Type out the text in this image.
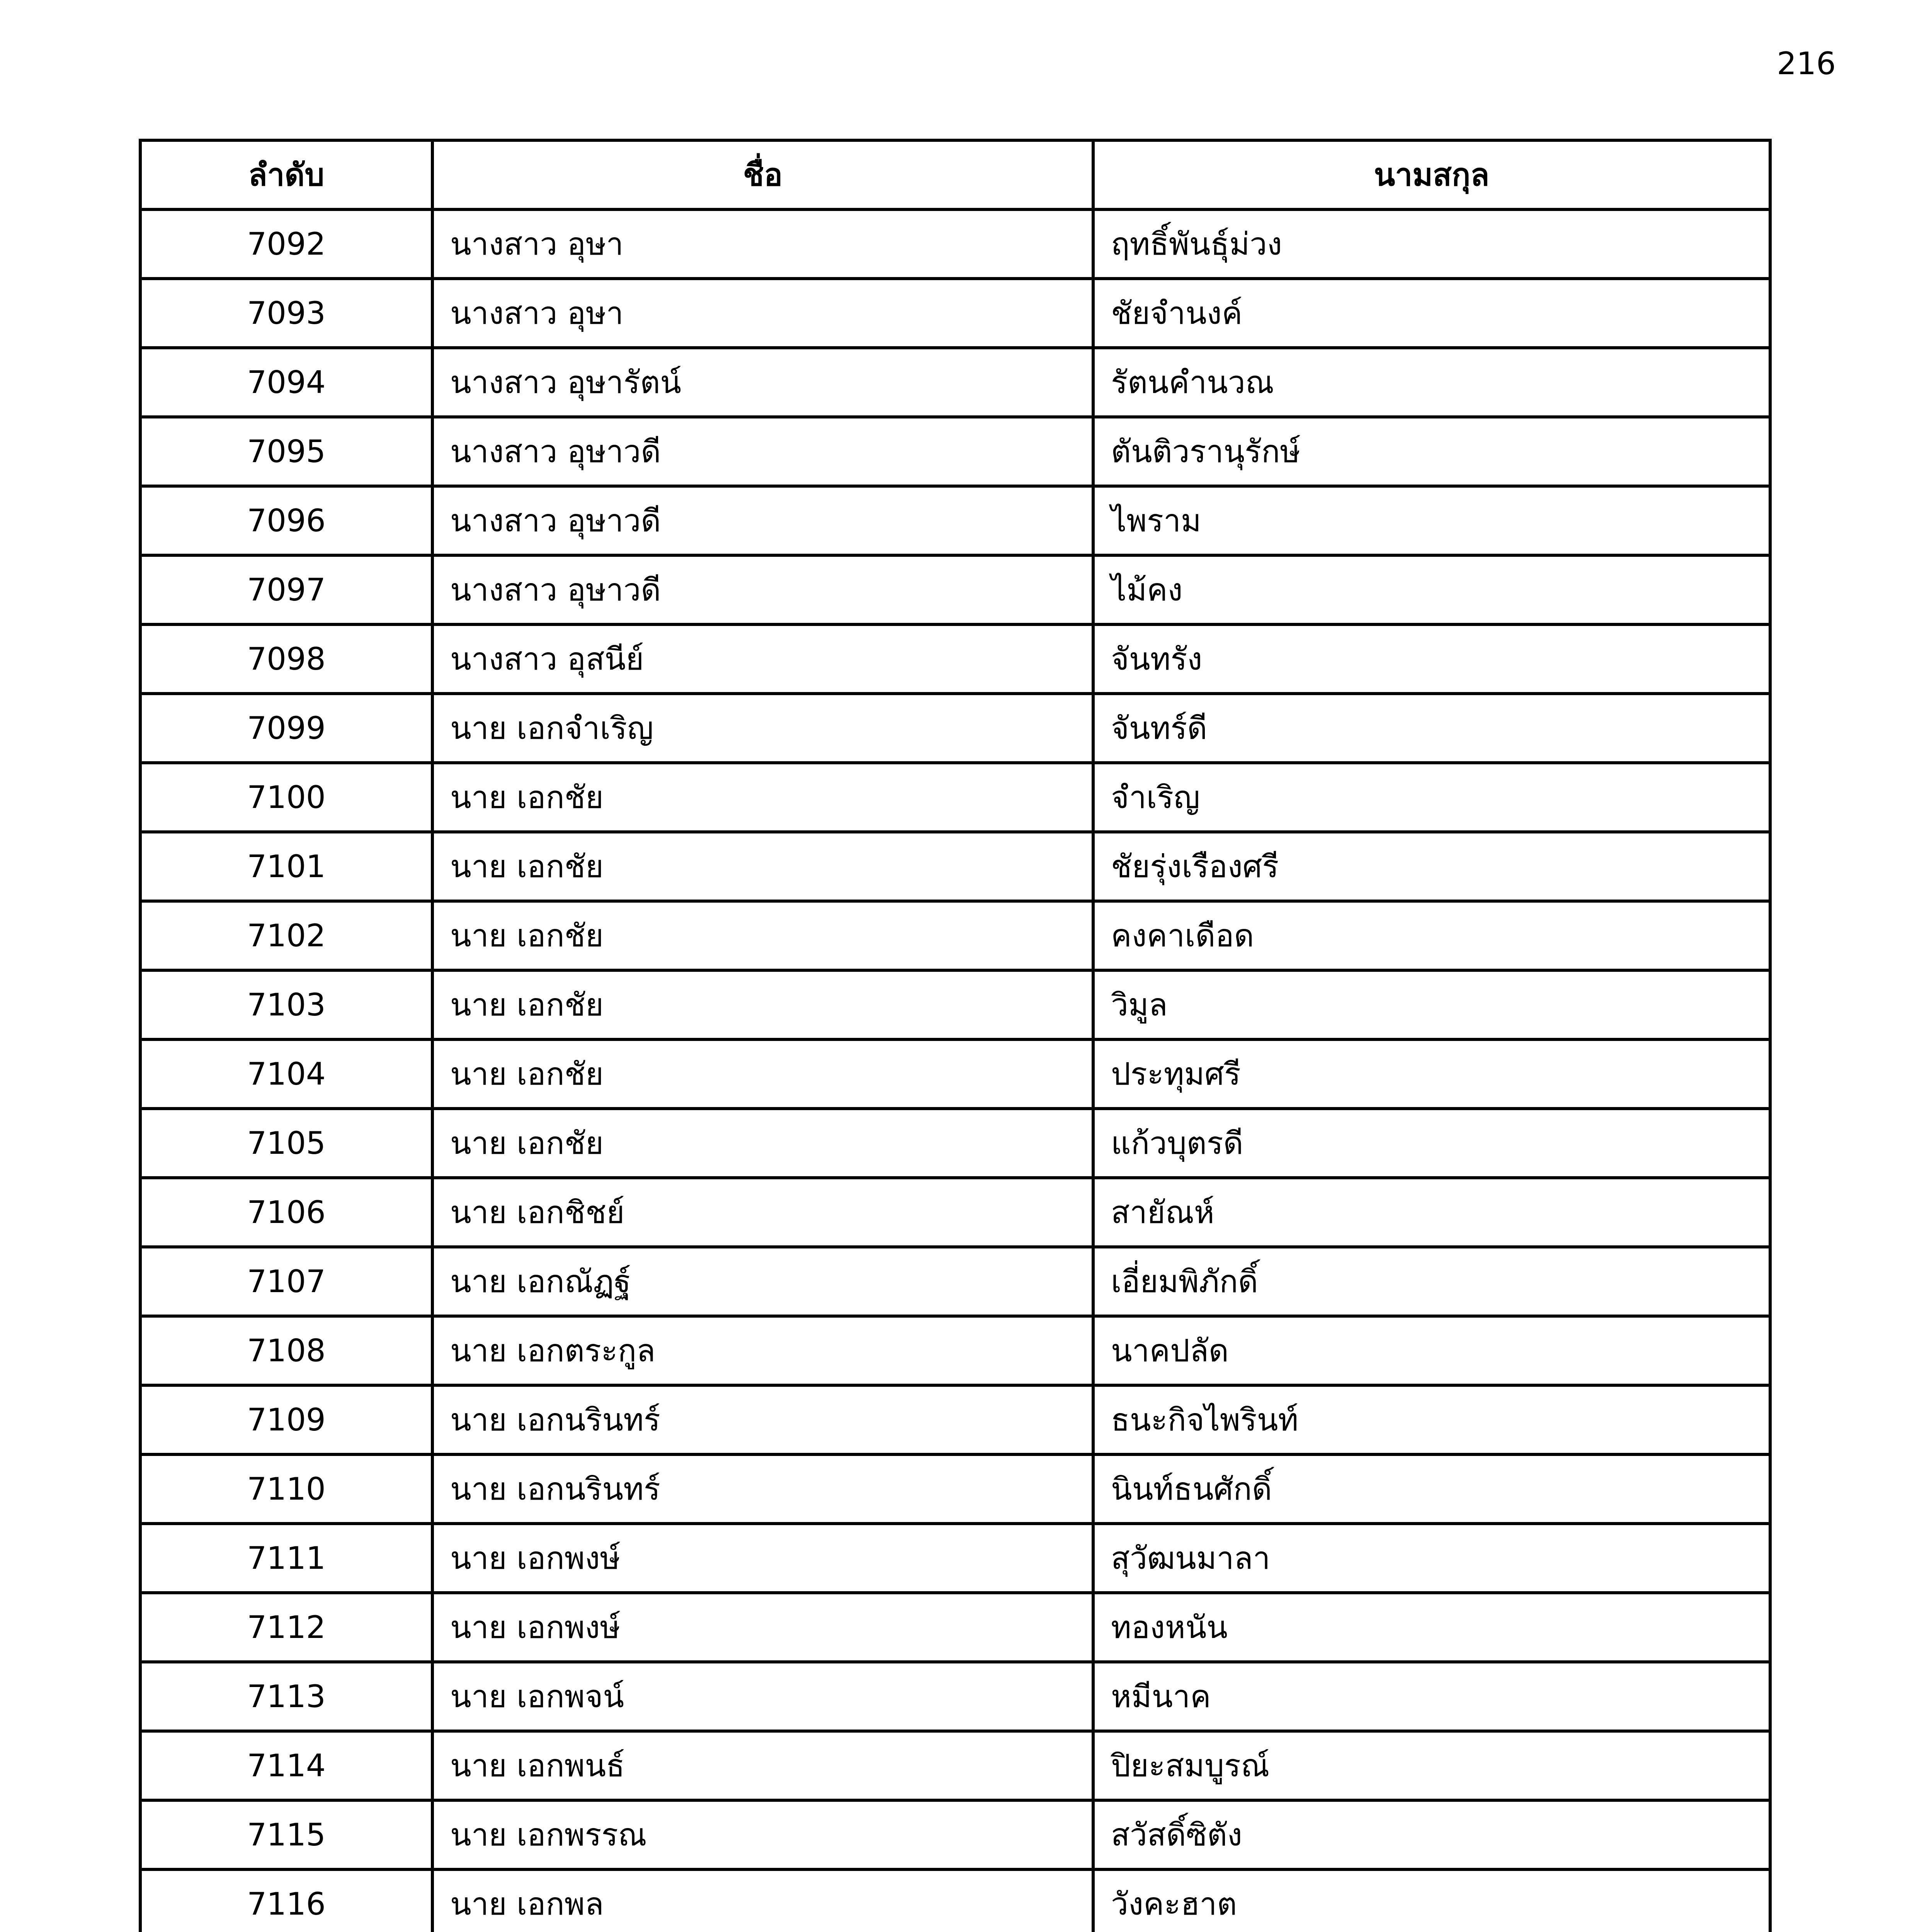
216
ลำดับ	ชื่อ	นามสกุล
7092	นางสาว อุษา	ฤทธิ์พันธุ์ม่วง
7093	นางสาว อุษา	ชัยจำนงค์
7094	นางสาว อุษารัตน์	รัตนคำนวณ
7095	นางสาว อุษาวดี	ตันติวรานุรักษ์
7096	นางสาว อุษาวดี	ไพราม
7097	นางสาว อุษาวดี	ไม้คง
7098	นางสาว อุสนีย์	จันทรัง
7099	นาย เอกจำเริญ	จันทร์ดี
7100	นาย เอกชัย	จำเริญ
7101	นาย เอกชัย	ชัยรุ่งเรืองศรี
7102	นาย เอกชัย	คงคาเดือด
7103	นาย เอกชัย	วิมูล
7104	นาย เอกชัย	ประทุมศรี
7105	นาย เอกชัย	แก้วบุตรดี
7106	นาย เอกชิชย์	สายัณห์
7107	นาย เอกณัฏฐ์	เอี่ยมพิภักดิ์
7108	นาย เอกตระกูล	นาคปลัด
7109	นาย เอกนรินทร์	ธนะกิจไพรินท์
7110	นาย เอกนรินทร์	นินท์ธนศักดิ์
7111	นาย เอกพงษ์	สุวัฒนมาลา
7112	นาย เอกพงษ์	ทองหนัน
7113	นาย เอกพจน์	หมีนาค
7114	นาย เอกพนธ์	ปิยะสมบูรณ์
7115	นาย เอกพรรณ	สวัสดิ์ซิตัง
7116	นาย เอกพล	วังคะฮาต
